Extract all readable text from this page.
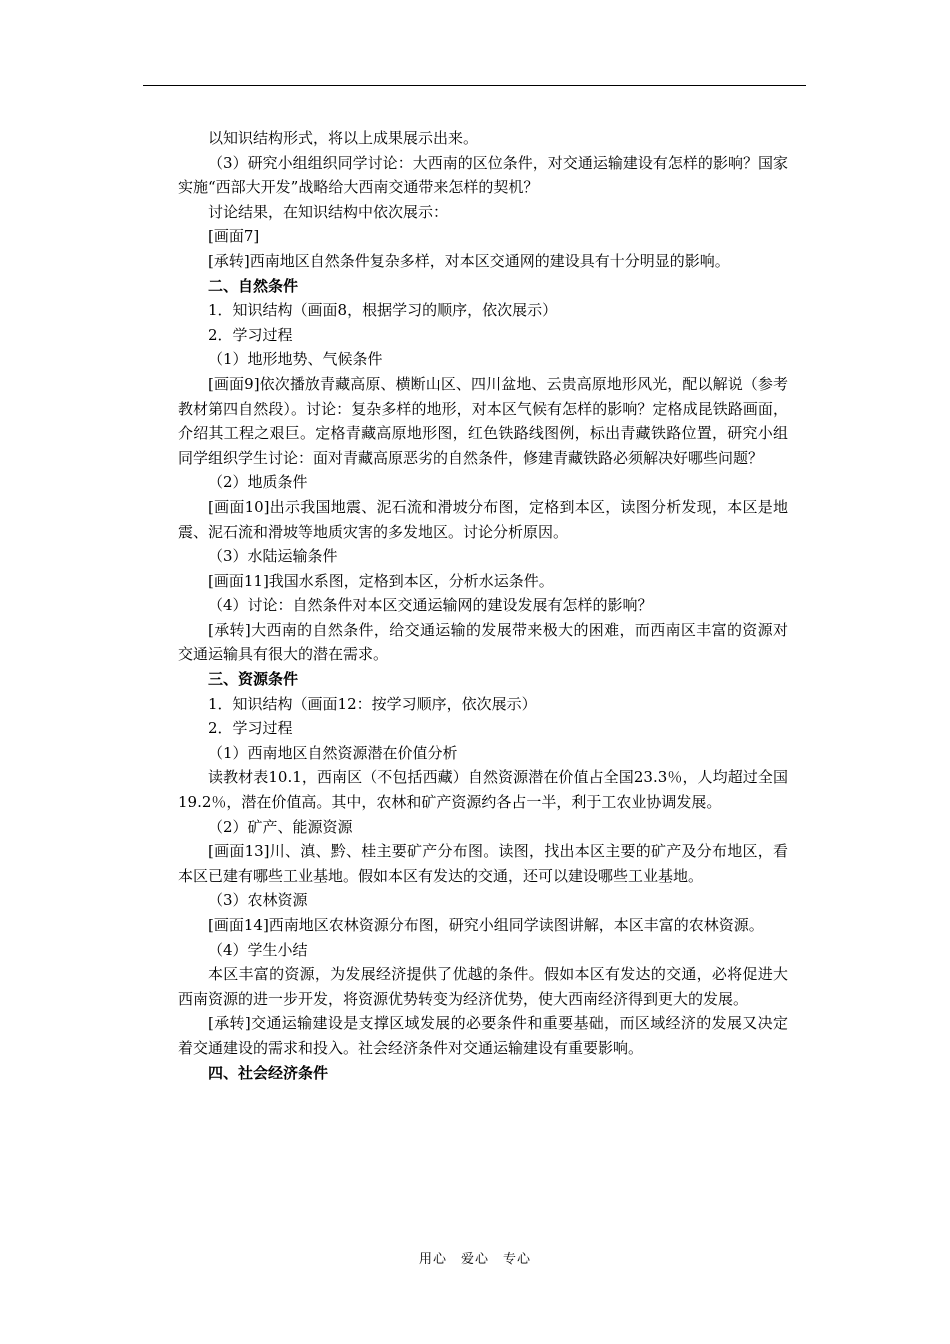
以知识结构形式，将以上成果展示出来。

（3）研究小组组织同学讨论：大西南的区位条件，对交通运输建设有怎样的影响？国家实施“西部大开发”战略给大西南交通带来怎样的契机？

讨论结果，在知识结构中依次展示：

[画面7]

[承转]西南地区自然条件复杂多样，对本区交通网的建设具有十分明显的影响。

二、自然条件

1．知识结构（画面8，根据学习的顺序，依次展示）

2．学习过程

（1）地形地势、气候条件

[画面9]依次播放青藏高原、横断山区、四川盆地、云贵高原地形风光，配以解说（参考教材第四自然段）。讨论：复杂多样的地形，对本区气候有怎样的影响？定格成昆铁路画面，介绍其工程之艰巨。定格青藏高原地形图，红色铁路线图例，标出青藏铁路位置，研究小组同学组织学生讨论：面对青藏高原恶劣的自然条件，修建青藏铁路必须解决好哪些问题？

（2）地质条件

[画面10]出示我国地震、泥石流和滑坡分布图，定格到本区，读图分析发现，本区是地震、泥石流和滑坡等地质灾害的多发地区。讨论分析原因。

（3）水陆运输条件

[画面11]我国水系图，定格到本区，分析水运条件。

（4）讨论：自然条件对本区交通运输网的建设发展有怎样的影响？

[承转]大西南的自然条件，给交通运输的发展带来极大的困难，而西南区丰富的资源对交通运输具有很大的潜在需求。

三、资源条件

1．知识结构（画面12：按学习顺序，依次展示）

2．学习过程

（1）西南地区自然资源潜在价值分析

读教材表10.1，西南区（不包括西藏）自然资源潜在价值占全国23.3％，人均超过全国19.2％，潜在价值高。其中，农林和矿产资源约各占一半，利于工农业协调发展。

（2）矿产、能源资源

[画面13]川、滇、黔、桂主要矿产分布图。读图，找出本区主要的矿产及分布地区，看本区已建有哪些工业基地。假如本区有发达的交通，还可以建设哪些工业基地。

（3）农林资源

[画面14]西南地区农林资源分布图，研究小组同学读图讲解，本区丰富的农林资源。

（4）学生小结

本区丰富的资源，为发展经济提供了优越的条件。假如本区有发达的交通，必将促进大西南资源的进一步开发，将资源优势转变为经济优势，使大西南经济得到更大的发展。

[承转]交通运输建设是支撑区域发展的必要条件和重要基础，而区域经济的发展又决定着交通建设的需求和投入。社会经济条件对交通运输建设有重要影响。

四、社会经济条件

用心　爱心　专心
